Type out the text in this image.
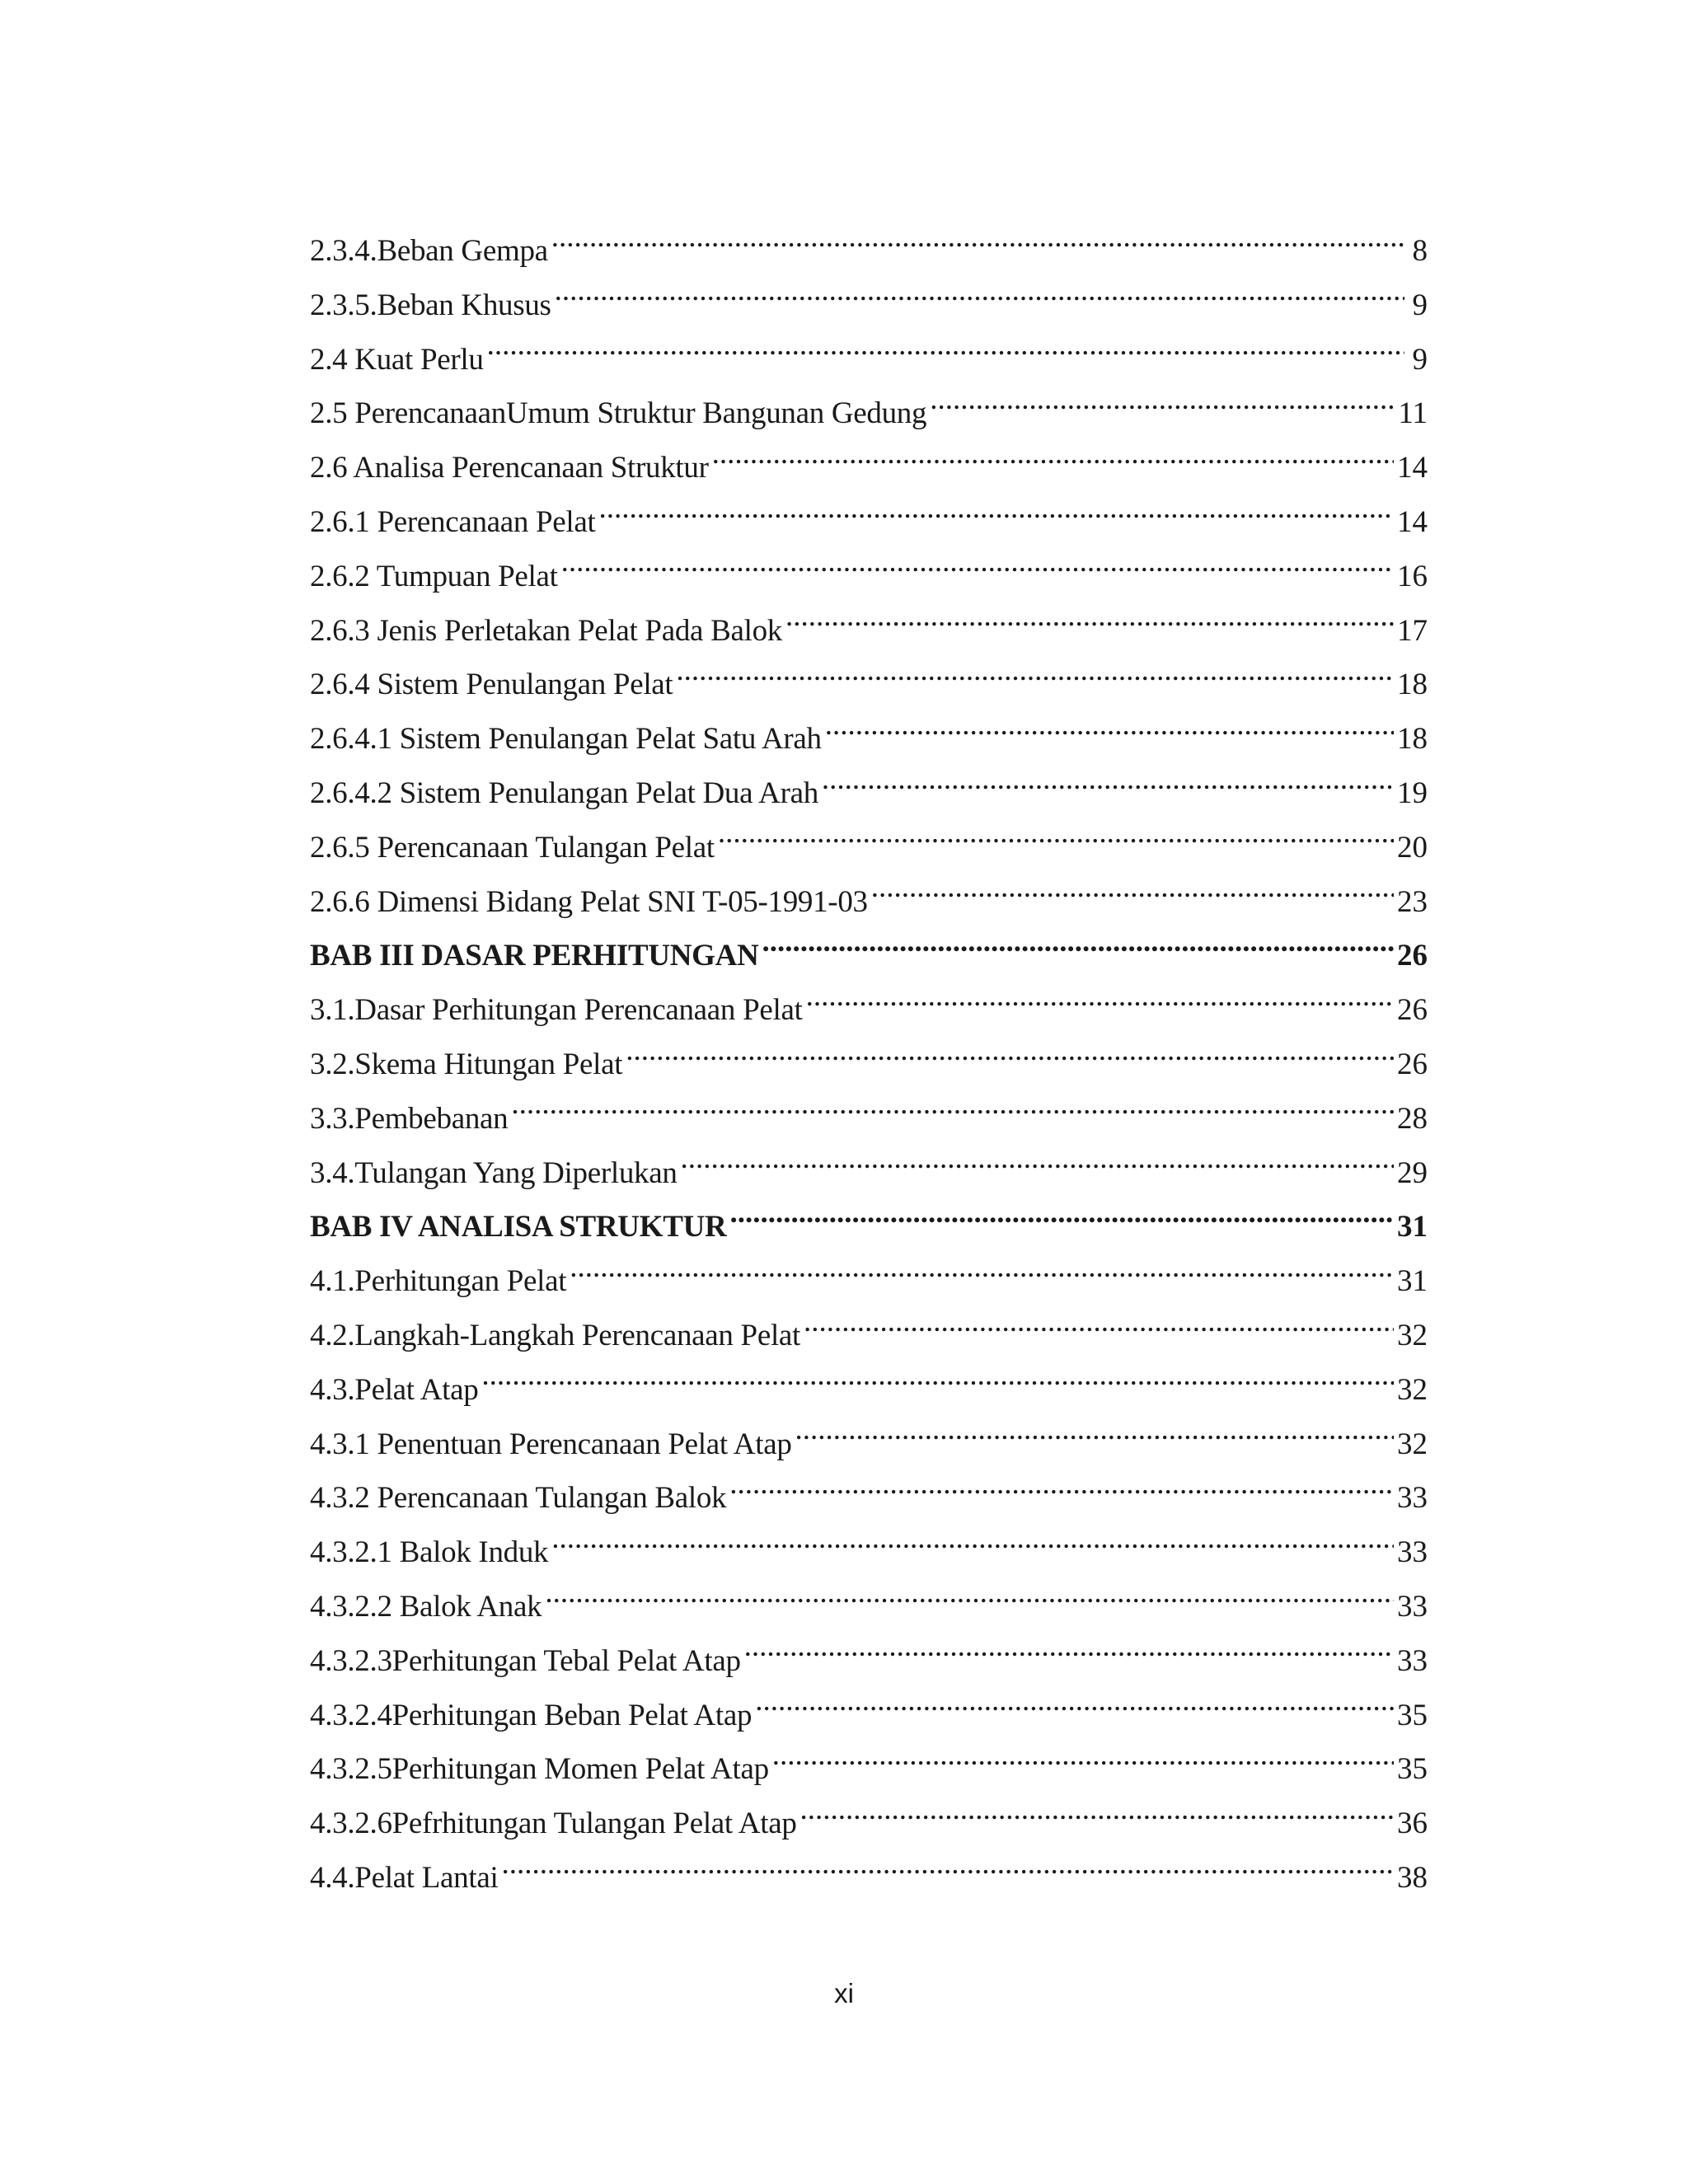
2.3.4.Beban Gempa .....	8
2.3.5.Beban Khusus .....	9
2.4 Kuat Perlu .....	9
2.5 PerencanaanUmum Struktur Bangunan Gedung .....	11
2.6 Analisa Perencanaan Struktur .....	14
2.6.1 Perencanaan Pelat .....	14
2.6.2 Tumpuan Pelat .....	16
2.6.3 Jenis Perletakan Pelat Pada Balok .....	17
2.6.4 Sistem Penulangan Pelat .....	18
2.6.4.1 Sistem Penulangan Pelat Satu Arah .....	18
2.6.4.2 Sistem Penulangan Pelat Dua Arah .....	19
2.6.5 Perencanaan Tulangan Pelat .....	20
2.6.6 Dimensi Bidang Pelat SNI T-05-1991-03 .....	23
BAB III DASAR PERHITUNGAN .....	26
3.1.Dasar Perhitungan Perencanaan Pelat .....	26
3.2.Skema Hitungan Pelat .....	26
3.3.Pembebanan .....	28
3.4.Tulangan Yang Diperlukan .....	29
BAB IV ANALISA STRUKTUR .....	31
4.1.Perhitungan Pelat .....	31
4.2.Langkah-Langkah Perencanaan Pelat .....	32
4.3.Pelat Atap .....	32
4.3.1 Penentuan Perencanaan Pelat Atap .....	32
4.3.2 Perencanaan Tulangan Balok .....	33
4.3.2.1 Balok Induk .....	33
4.3.2.2 Balok Anak .....	33
4.3.2.3Perhitungan Tebal Pelat Atap .....	33
4.3.2.4Perhitungan Beban Pelat Atap .....	35
4.3.2.5Perhitungan Momen Pelat Atap .....	35
4.3.2.6Pefrhitungan Tulangan Pelat Atap .....	36
4.4.Pelat Lantai .....	38
xi
